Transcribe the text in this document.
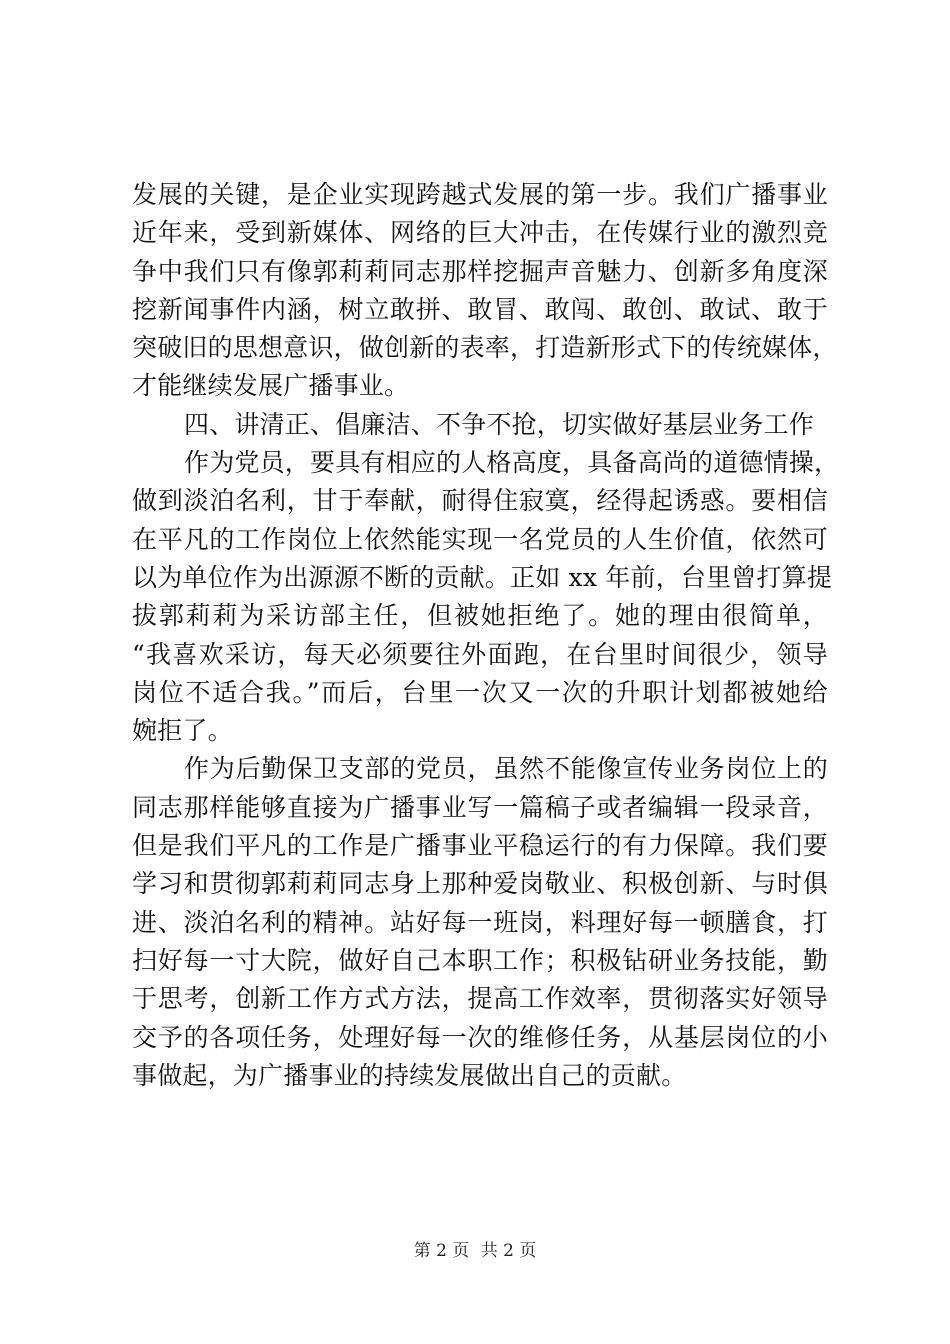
发展的关键，是企业实现跨越式发展的第一步。我们广播事业
近年来，受到新媒体、网络的巨大冲击，在传媒行业的激烈竞
争中我们只有像郭莉莉同志那样挖掘声音魅力、创新多角度深
挖新闻事件内涵，树立敢拼、敢冒、敢闯、敢创、敢试、敢于
突破旧的思想意识，做创新的表率，打造新形式下的传统媒体，
才能继续发展广播事业。
四、讲清正、倡廉洁、不争不抢，切实做好基层业务工作
作为党员，要具有相应的人格高度，具备高尚的道德情操，
做到淡泊名利，甘于奉献，耐得住寂寞，经得起诱惑。要相信
在平凡的工作岗位上依然能实现一名党员的人生价值，依然可
以为单位作为出源源不断的贡献。正如 xx 年前，台里曾打算提
拔郭莉莉为采访部主任，但被她拒绝了。她的理由很简单，
“我喜欢采访，每天必须要往外面跑，在台里时间很少，领导
岗位不适合我。”而后，台里一次又一次的升职计划都被她给
婉拒了。
作为后勤保卫支部的党员，虽然不能像宣传业务岗位上的
同志那样能够直接为广播事业写一篇稿子或者编辑一段录音，
但是我们平凡的工作是广播事业平稳运行的有力保障。我们要
学习和贯彻郭莉莉同志身上那种爱岗敬业、积极创新、与时俱
进、淡泊名利的精神。站好每一班岗，料理好每一顿膳食，打
扫好每一寸大院，做好自己本职工作；积极钻研业务技能，勤
于思考，创新工作方式方法，提高工作效率，贯彻落实好领导
交予的各项任务，处理好每一次的维修任务，从基层岗位的小
事做起，为广播事业的持续发展做出自己的贡献。
第 2 页 共 2 页
